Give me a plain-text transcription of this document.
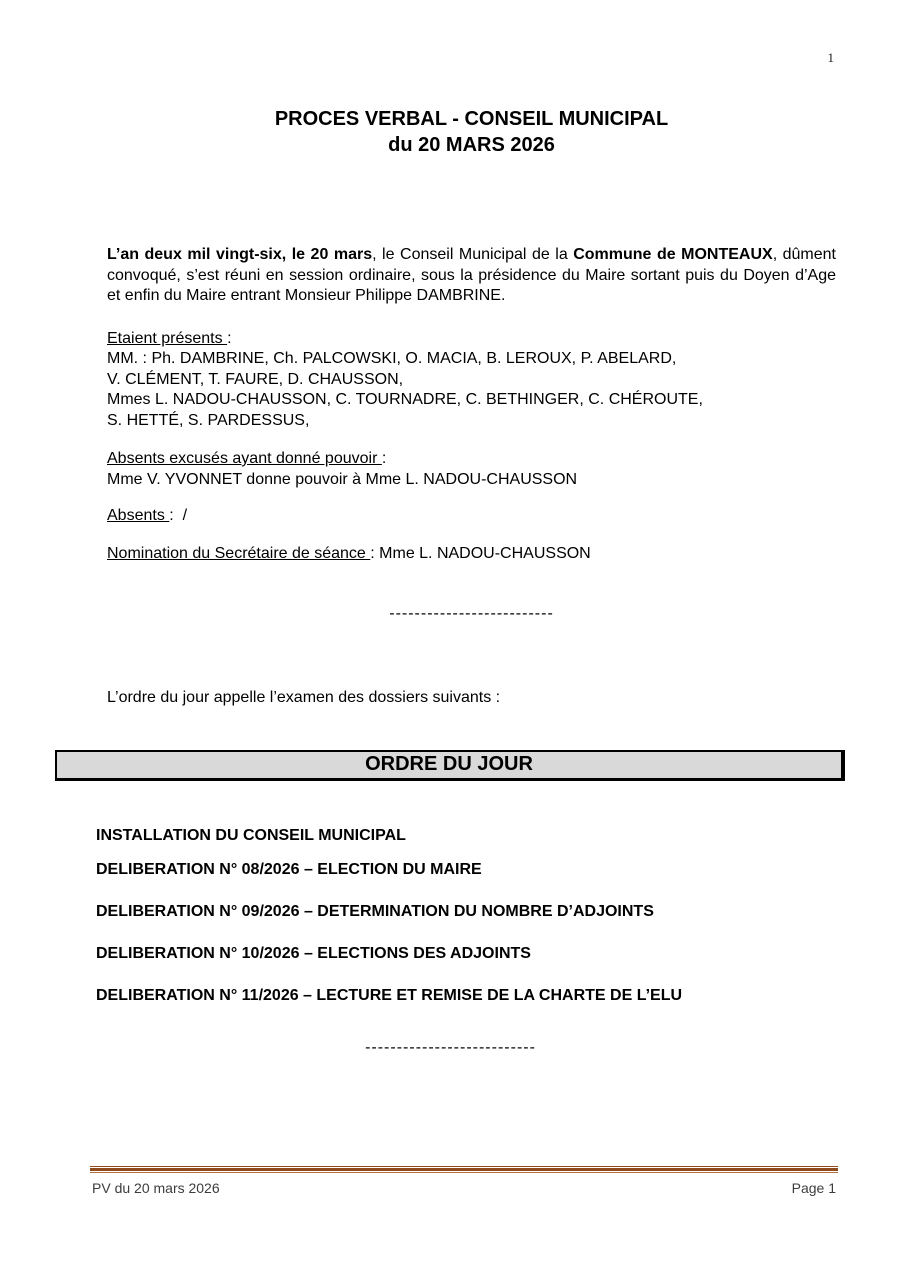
1
PROCES VERBAL - CONSEIL MUNICIPAL
du 20 MARS 2026
L’an deux mil vingt-six, le 20 mars, le Conseil Municipal de la Commune de MONTEAUX, dûment convoqué, s’est réuni en session ordinaire, sous la présidence du Maire sortant puis du Doyen d’Age et enfin du Maire entrant Monsieur Philippe DAMBRINE.
Etaient présents :
MM. : Ph. DAMBRINE, Ch. PALCOWSKI, O. MACIA, B. LEROUX, P. ABELARD,
V. CLÉMENT, T. FAURE, D. CHAUSSON,
Mmes L. NADOU-CHAUSSON, C. TOURNADRE, C. BETHINGER, C. CHÉROUTE,
S. HETTÉ, S. PARDESSUS,
Absents excusés ayant donné pouvoir :
Mme V. YVONNET donne pouvoir à Mme L. NADOU-CHAUSSON
Absents :  /
Nomination du Secrétaire de séance : Mme L. NADOU-CHAUSSON
--------------------------
L’ordre du jour appelle l’examen des dossiers suivants :
ORDRE DU JOUR
INSTALLATION DU CONSEIL MUNICIPAL
DELIBERATION N° 08/2026 – ELECTION DU MAIRE
DELIBERATION N° 09/2026 – DETERMINATION DU NOMBRE D’ADJOINTS
DELIBERATION N° 10/2026 – ELECTIONS DES ADJOINTS
DELIBERATION N° 11/2026 – LECTURE ET REMISE DE LA CHARTE DE L’ELU
---------------------------
PV du 20 mars 2026	Page 1
